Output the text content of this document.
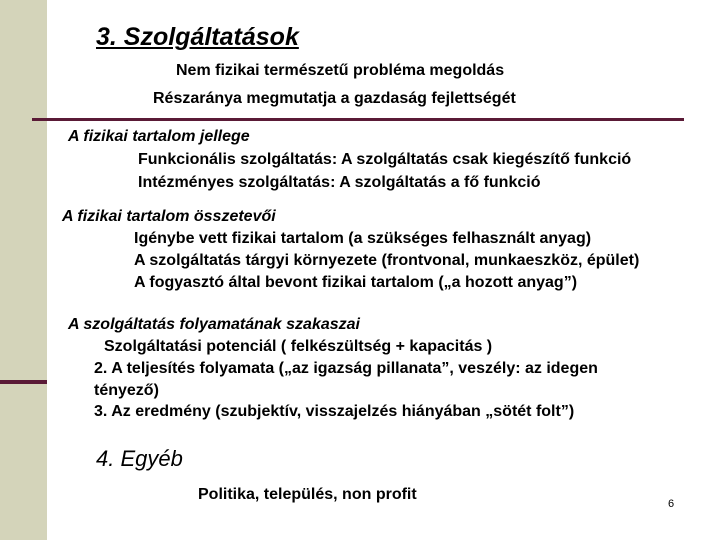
3. Szolgáltatások
Nem fizikai természetű probléma megoldás
Részaránya megmutatja a gazdaság fejlettségét
A fizikai tartalom jellege
Funkcionális szolgáltatás: A szolgáltatás csak kiegészítő funkció
Intézményes szolgáltatás: A szolgáltatás a fő funkció
A fizikai tartalom összetevői
Igénybe vett fizikai tartalom (a szükséges felhasznált anyag)
A szolgáltatás tárgyi környezete (frontvonal, munkaeszköz, épület)
A fogyasztó által bevont fizikai tartalom („a hozott anyag”)
A szolgáltatás folyamatának szakaszai
Szolgáltatási potenciál ( felkészültség + kapacitás )
2. A teljesítés folyamata („az igazság pillanata”, veszély: az idegen
tényező)
3. Az eredmény (szubjektív, visszajelzés hiányában „sötét folt”)
4. Egyéb
Politika, település, non profit
6
